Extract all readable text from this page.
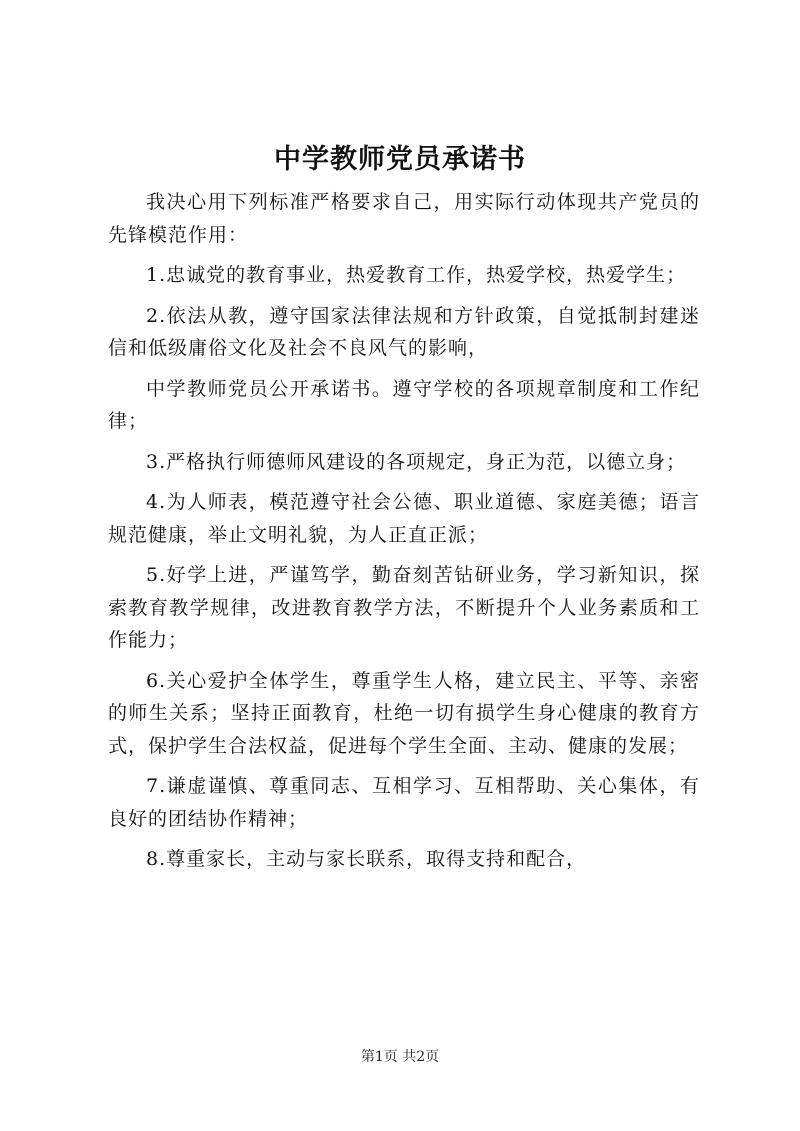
中学教师党员承诺书

我决心用下列标准严格要求自己，用实际行动体现共产党员的先锋模范作用：

1.忠诚党的教育事业，热爱教育工作，热爱学校，热爱学生；

2.依法从教，遵守国家法律法规和方针政策，自觉抵制封建迷信和低级庸俗文化及社会不良风气的影响，

中学教师党员公开承诺书。遵守学校的各项规章制度和工作纪律；

3.严格执行师德师风建设的各项规定，身正为范，以德立身；

4.为人师表，模范遵守社会公德、职业道德、家庭美德；语言规范健康，举止文明礼貌，为人正直正派；

5.好学上进，严谨笃学，勤奋刻苦钻研业务，学习新知识，探索教育教学规律，改进教育教学方法，不断提升个人业务素质和工作能力；

6.关心爱护全体学生，尊重学生人格，建立民主、平等、亲密的师生关系；坚持正面教育，杜绝一切有损学生身心健康的教育方式，保护学生合法权益，促进每个学生全面、主动、健康的发展；

7.谦虚谨慎、尊重同志、互相学习、互相帮助、关心集体，有良好的团结协作精神；

8.尊重家长，主动与家长联系，取得支持和配合，

第1页 共2页
